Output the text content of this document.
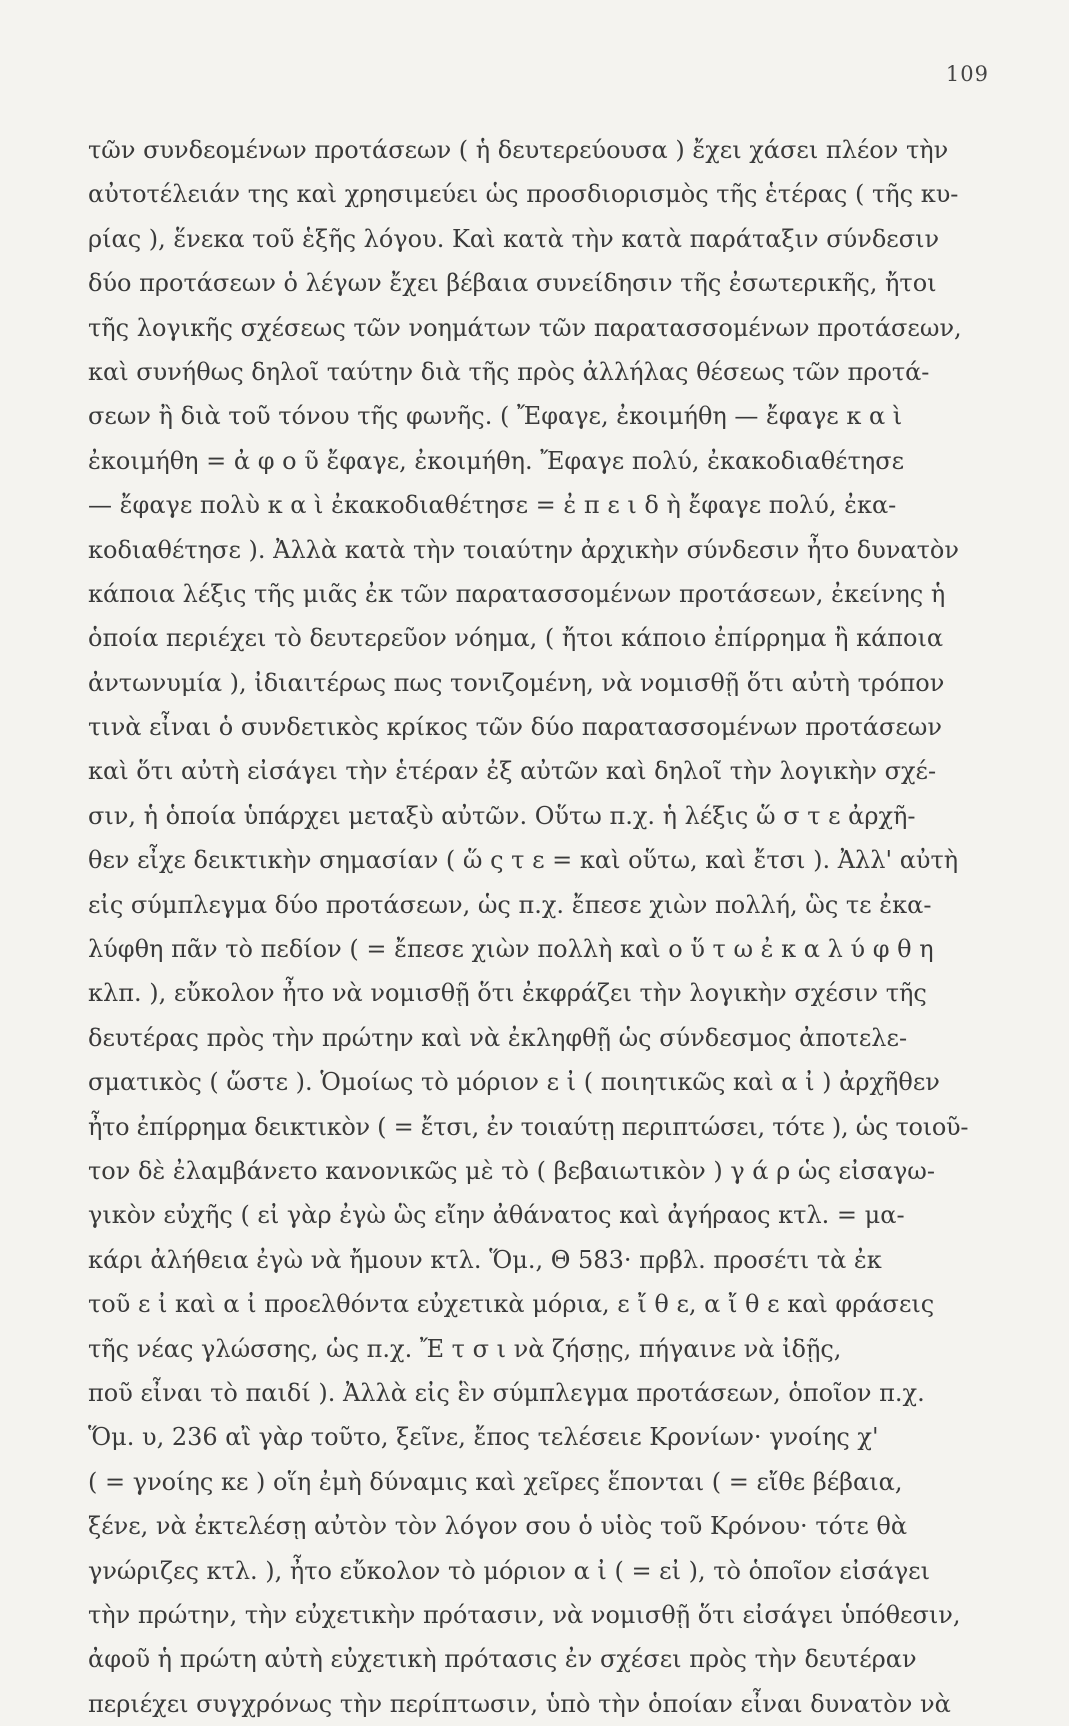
109
τῶν συνδεομένων προτάσεων ( ἡ δευτερεύουσα ) ἔχει χάσει πλέον τὴν
αὐτοτέλειάν της καὶ χρησιμεύει ὡς προσδιορισμὸς τῆς ἑτέρας ( τῆς κυ-
ρίας ), ἕνεκα τοῦ ἑξῆς λόγου. Καὶ κατὰ τὴν κατὰ παράταξιν σύνδεσιν
δύο προτάσεων ὁ λέγων ἔχει βέβαια συνείδησιν τῆς ἐσωτερικῆς, ἤτοι
τῆς λογικῆς σχέσεως τῶν νοημάτων τῶν παρατασσομένων προτάσεων,
καὶ συνήθως δηλοῖ ταύτην διὰ τῆς πρὸς ἀλλήλας θέσεως τῶν προτά-
σεων ἢ διὰ τοῦ τόνου τῆς φωνῆς. ( Ἔφαγε, ἐκοιμήθη — ἔφαγε κ α ὶ
ἐκοιμήθη = ἀ φ ο ῦ ἔφαγε, ἐκοιμήθη. Ἔφαγε πολύ, ἐκακοδιαθέτησε
— ἔφαγε πολὺ κ α ὶ ἐκακοδιαθέτησε = ἐ π ε ι δ ὴ ἔφαγε πολύ, ἐκα-
κοδιαθέτησε ). Ἀλλὰ κατὰ τὴν τοιαύτην ἀρχικὴν σύνδεσιν ἦτο δυνατὸν
κάποια λέξις τῆς μιᾶς ἐκ τῶν παρατασσομένων προτάσεων, ἐκείνης ἡ
ὁποία περιέχει τὸ δευτερεῦον νόημα, ( ἤτοι κάποιο ἐπίρρημα ἢ κάποια
ἀντωνυμία ), ἰδιαιτέρως πως τονιζομένη, νὰ νομισθῇ ὅτι αὐτὴ τρόπον
τινὰ εἶναι ὁ συνδετικὸς κρίκος τῶν δύο παρατασσομένων προτάσεων
καὶ ὅτι αὐτὴ εἰσάγει τὴν ἑτέραν ἐξ αὐτῶν καὶ δηλοῖ τὴν λογικὴν σχέ-
σιν, ἡ ὁποία ὑπάρχει μεταξὺ αὐτῶν. Οὕτω π.χ. ἡ λέξις ὥ σ τ ε ἀρχῆ-
θεν εἶχε δεικτικὴν σημασίαν ( ὥ ς τ ε = καὶ οὕτω, καὶ ἔτσι ). Ἀλλ' αὐτὴ
εἰς σύμπλεγμα δύο προτάσεων, ὡς π.χ. ἔπεσε χιὼν πολλή, ὣς τε ἐκα-
λύφθη πᾶν τὸ πεδίον ( = ἔπεσε χιὼν πολλὴ καὶ ο ὕ τ ω ἐ κ α λ ύ φ θ η
κλπ. ), εὔκολον ἦτο νὰ νομισθῇ ὅτι ἐκφράζει τὴν λογικὴν σχέσιν τῆς
δευτέρας πρὸς τὴν πρώτην καὶ νὰ ἐκληφθῇ ὡς σύνδεσμος ἀποτελε-
σματικὸς ( ὥστε ). Ὁμοίως τὸ μόριον ε ἰ ( ποιητικῶς καὶ α ἰ ) ἀρχῆθεν
ἦτο ἐπίρρημα δεικτικὸν ( = ἔτσι, ἐν τοιαύτῃ περιπτώσει, τότε ), ὡς τοιοῦ-
τον δὲ ἐλαμβάνετο κανονικῶς μὲ τὸ ( βεβαιωτικὸν ) γ ά ρ ὡς εἰσαγω-
γικὸν εὐχῆς ( εἰ γὰρ ἐγὼ ὣς εἴην ἀθάνατος καὶ ἀγήραος κτλ. = μα-
κάρι ἀλήθεια ἐγὼ νὰ ἤμουν κτλ. Ὅμ., Θ 583· πρβλ. προσέτι τὰ ἐκ
τοῦ ε ἰ καὶ α ἰ προελθόντα εὐχετικὰ μόρια, ε ἴ θ ε, α ἴ θ ε καὶ φράσεις
τῆς νέας γλώσσης, ὡς π.χ. Ἔ τ σ ι νὰ ζήσῃς, πήγαινε νὰ ἰδῇς,
ποῦ εἶναι τὸ παιδί ). Ἀλλὰ εἰς ἓν σύμπλεγμα προτάσεων, ὁποῖον π.χ.
Ὅμ. υ, 236 αἲ γὰρ τοῦτο, ξεῖνε, ἔπος τελέσειε Κρονίων· γνοίης χ'
( = γνοίης κε ) οἵη ἐμὴ δύναμις καὶ χεῖρες ἕπονται ( = εἴθε βέβαια,
ξένε, νὰ ἐκτελέσῃ αὐτὸν τὸν λόγον σου ὁ υἱὸς τοῦ Κρόνου· τότε θὰ
γνώριζες κτλ. ), ἦτο εὔκολον τὸ μόριον α ἰ ( = εἰ ), τὸ ὁποῖον εἰσάγει
τὴν πρώτην, τὴν εὐχετικὴν πρότασιν, νὰ νομισθῇ ὅτι εἰσάγει ὑπόθεσιν,
ἀφοῦ ἡ πρώτη αὐτὴ εὐχετικὴ πρότασις ἐν σχέσει πρὸς τὴν δευτέραν
περιέχει συγχρόνως τὴν περίπτωσιν, ὑπὸ τὴν ὁποίαν εἶναι δυνατὸν νὰ
